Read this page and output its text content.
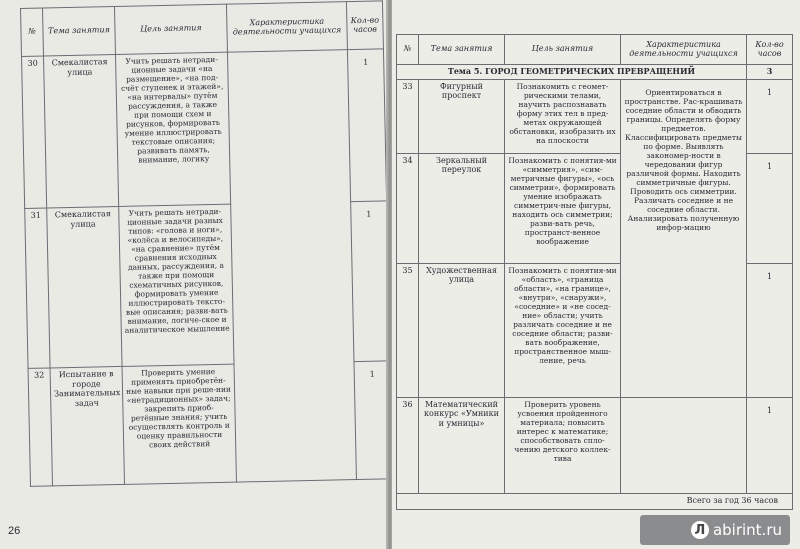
№	Тема занятия	Цель занятия	Характеристика деятельности учащихся	Кол-во часов
30	Смекалистая улица	Учить решать нетради-ционные задачи «на размещение», «на под-счёт ступенек и этажей», «на интервалы» путём рассуждения, а также при помощи схем и рисунков, формировать умение иллюстрировать текстовые описания; развивать память, внимание, логику		1
31	Смекалистая улица	Учить решать нетради-ционные задачи разных типов: «голова и ноги», «колёса и велосипеды», «на сравнение» путём сравнения исходных данных, рассуждения, а также при помощи схематичных рисунков, формировать умение иллюстрировать тексто-вые описания; разви-вать внимание, логиче-ское и аналитическое мышление		1
32	Испытание в городе Занимательных задач	Проверить умение применять приобретён-ные навыки при реше-нии «нетрадиционных» задач; закрепить приоб-ретённые знания; учить осуществлять контроль и оценку правильности своих действий		1
26
№	Тема занятия	Цель занятия	Характеристика деятельности учащихся	Кол-во часов
Тема 5. ГОРОД ГЕОМЕТРИЧЕСКИХ ПРЕВРАЩЕНИЙ				3
33	Фигурный проспект	Познакомить с геомет-рическими телами, научить распознавать форму этих тел в пред-метах окружающей обстановки, изобразить их на плоскости	Ориентироваться в пространстве. Рас-крашивать соседние области и обводить границы. Определять форму предметов. Классифицировать предметы по форме. Выявлять закономер-ности в чередовании фигур различной формы. Находить симметричные фигуры. Проводить ось симметрии. Различать соседние и не соседние области. Анализировать полученную инфор-мацию	1
34	Зеркальный переулок	Познакомить с понятия-ми «симметрия», «сим-метричные фигуры», «ось симметрии», формировать умение изображать симметрич-ные фигуры, находить ось симметрии; разви-вать речь, пространст-венное воображение		1
35	Художественная улица	Познакомить с понятия-ми «область», «граница области», «на границе», «внутри», «снаружи», «соседние» и «не сосед-ние» области; учить различать соседние и не соседние области; разви-вать воображение, пространственное мыш-ление, речь		1
36	Математический конкурс «Умники и умницы»	Проверить уровень усвоения пройденного материала; повысить интерес к математике; способствовать спло-чению детского коллек-тива		1
Всего за год 36 часов				
Л abirint.ru
